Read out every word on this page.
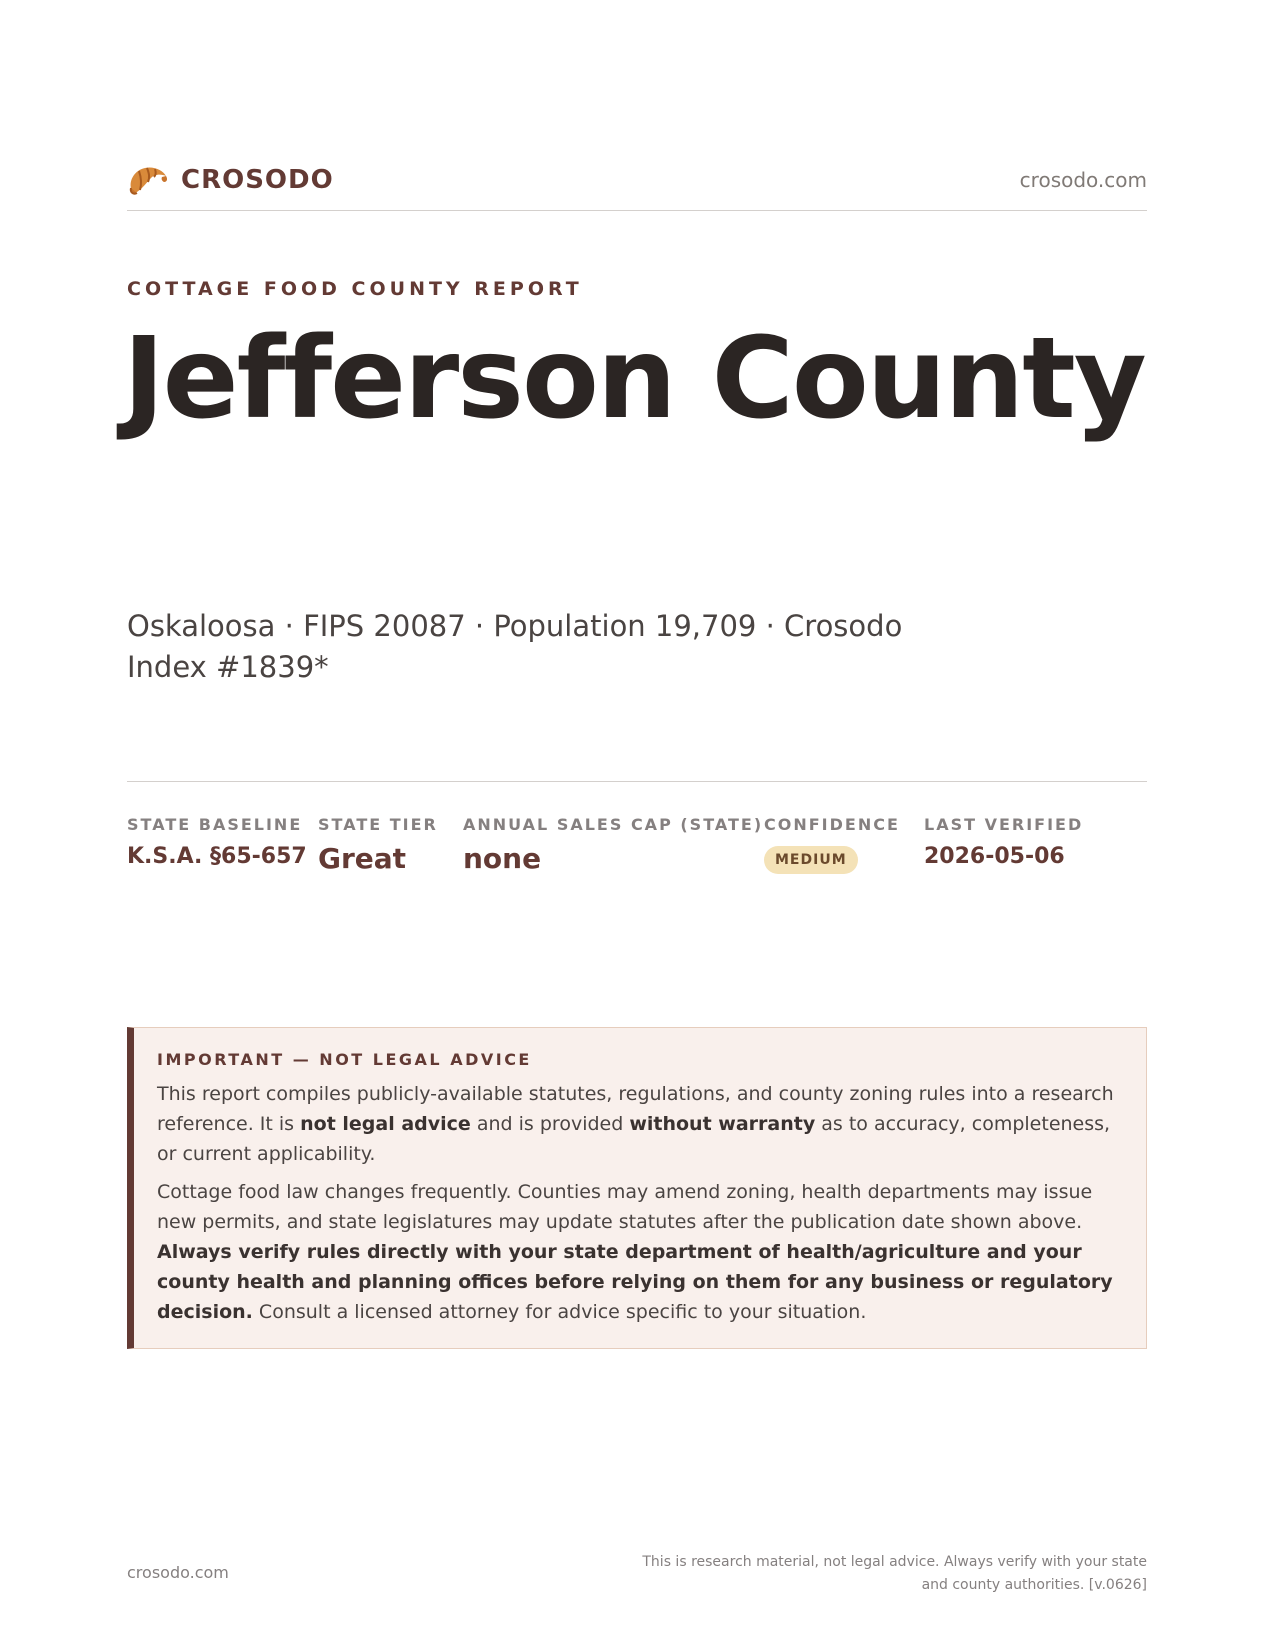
CROSODO	crosodo.com
COTTAGE FOOD COUNTY REPORT
Jefferson County
Oskaloosa · FIPS 20087 · Population 19,709 · Crosodo Index #1839*
STATE BASELINE
K.S.A. §65-657
STATE TIER
Great
ANNUAL SALES CAP (STATE)
none
CONFIDENCE
MEDIUM
LAST VERIFIED
2026-05-06
IMPORTANT — NOT LEGAL ADVICE

This report compiles publicly-available statutes, regulations, and county zoning rules into a research reference. It is not legal advice and is provided without warranty as to accuracy, completeness, or current applicability.

Cottage food law changes frequently. Counties may amend zoning, health departments may issue new permits, and state legislatures may update statutes after the publication date shown above. Always verify rules directly with your state department of health/agriculture and your county health and planning offices before relying on them for any business or regulatory decision. Consult a licensed attorney for advice specific to your situation.

crosodo.com
This is research material, not legal advice. Always verify with your state and county authorities. [v.0626]
